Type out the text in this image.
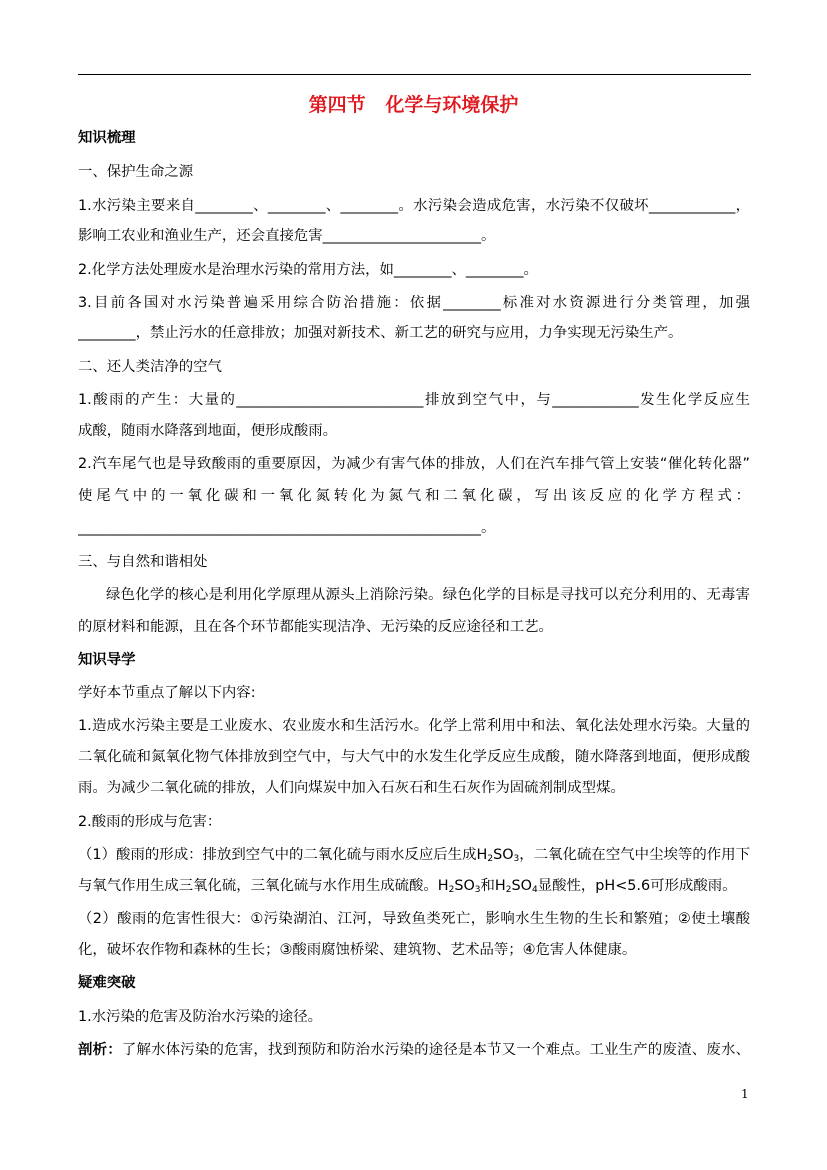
第四节   化学与环境保护
知识梳理
一、保护生命之源
1.水污染主要来自________、________、________。水污染会造成危害，水污染不仅破坏____________，
影响工农业和渔业生产，还会直接危害______________________。
2.化学方法处理废水是治理水污染的常用方法，如________、________。
3.目前各国对水污染普遍采用综合防治措施：依据________标准对水资源进行分类管理，加强
________，禁止污水的任意排放；加强对新技术、新工艺的研究与应用，力争实现无污染生产。
二、还人类洁净的空气
1.酸雨的产生：大量的__________________________排放到空气中，与____________发生化学反应生
成酸，随雨水降落到地面，便形成酸雨。
2.汽车尾气也是导致酸雨的重要原因，为减少有害气体的排放，人们在汽车排气管上安装“催化转化器”
使尾气中的一氧化碳和一氧化氮转化为氮气和二氧化碳，写出该反应的化学方程式：
________________________________________________________。
三、与自然和谐相处
绿色化学的核心是利用化学原理从源头上消除污染。绿色化学的目标是寻找可以充分利用的、无毒害
的原材料和能源，且在各个环节都能实现洁净、无污染的反应途径和工艺。
知识导学
学好本节重点了解以下内容:
1.造成水污染主要是工业废水、农业废水和生活污水。化学上常利用中和法、氧化法处理水污染。大量的
二氧化硫和氮氧化物气体排放到空气中，与大气中的水发生化学反应生成酸，随水降落到地面，便形成酸
雨。为减少二氧化硫的排放，人们向煤炭中加入石灰石和生石灰作为固硫剂制成型煤。
2.酸雨的形成与危害：
（1）酸雨的形成：排放到空气中的二氧化硫与雨水反应后生成$H_2SO_3$，二氧化硫在空气中尘埃等的作用下
与氧气作用生成三氧化硫，三氧化硫与水作用生成硫酸。$H_2SO_3$和$H_2SO_4$显酸性，pH<5.6可形成酸雨。
（2）酸雨的危害性很大：①污染湖泊、江河，导致鱼类死亡，影响水生生物的生长和繁殖；②使土壤酸
化，破坏农作物和森林的生长；③酸雨腐蚀桥梁、建筑物、艺术品等；④危害人体健康。
疑难突破
1.水污染的危害及防治水污染的途径。
剖析：了解水体污染的危害，找到预防和防治水污染的途径是本节又一个难点。工业生产的废渣、废水、
1
